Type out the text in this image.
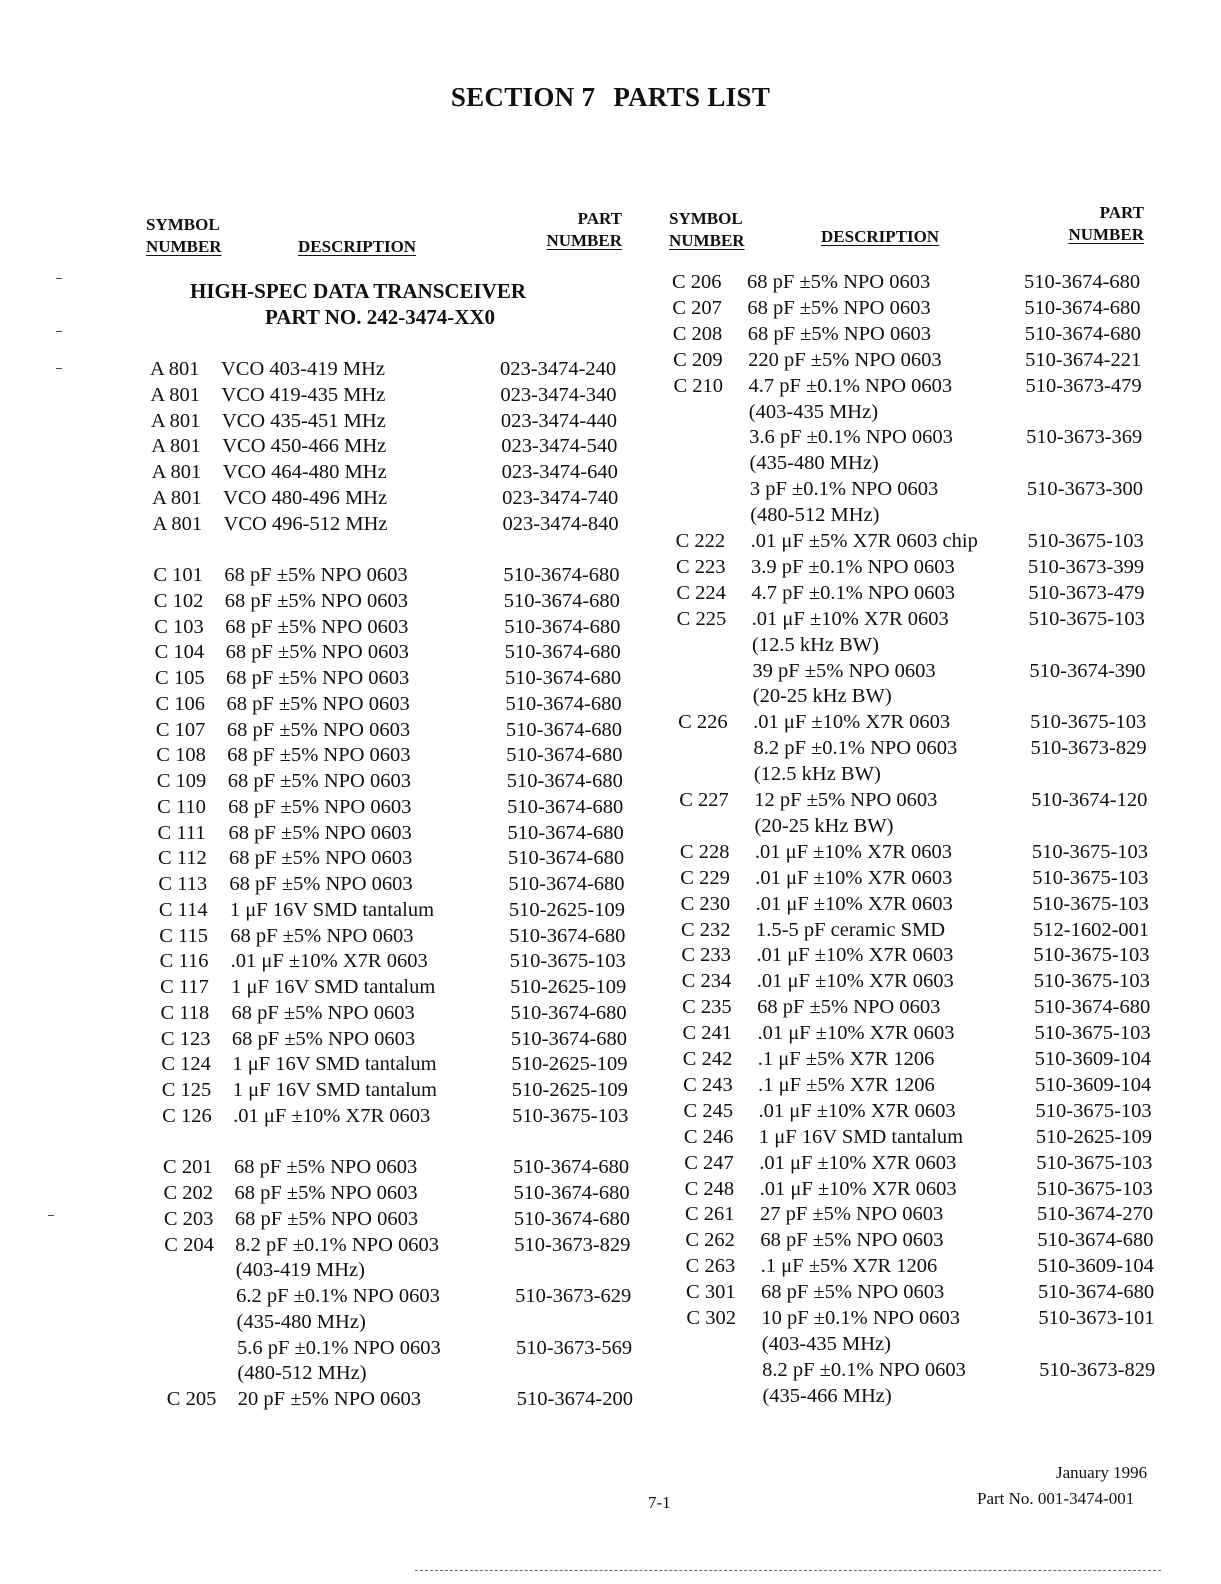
SECTION 7 PARTS LIST
SYMBOL
NUMBER	DESCRIPTION
PART
NUMBER
SYMBOL
NUMBER	DESCRIPTION
PART
NUMBER
HIGH-SPEC DATA TRANSCEIVER
PART NO. 242-3474-XX0
A 801 VCO 403-419 MHz	023-3474-240
A 801 VCO 419-435 MHz	023-3474-340
A 801 VCO 435-451 MHz	023-3474-440
A 801 VCO 450-466 MHz	023-3474-540
A 801 VCO 464-480 MHz	023-3474-640
A 801 VCO 480-496 MHz	023-3474-740
A 801 VCO 496-512 MHz	023-3474-840
C 101 68 pF ±5% NPO 0603	510-3674-680
C 102 68 pF ±5% NPO 0603	510-3674-680
C 103 68 pF ±5% NPO 0603	510-3674-680
C 104 68 pF ±5% NPO 0603	510-3674-680
C 105 68 pF ±5% NPO 0603	510-3674-680
C 106 68 pF ±5% NPO 0603	510-3674-680
C 107 68 pF ±5% NPO 0603	510-3674-680
C 108 68 pF ±5% NPO 0603	510-3674-680
C 109 68 pF ±5% NPO 0603	510-3674-680
C 110 68 pF ±5% NPO 0603	510-3674-680
C 111 68 pF ±5% NPO 0603	510-3674-680
C 112 68 pF ±5% NPO 0603	510-3674-680
C 113 68 pF ±5% NPO 0603	510-3674-680
C 114 1 μF 16V SMD tantalum	510-2625-109
C 115 68 pF ±5% NPO 0603	510-3674-680
C 116 .01 μF ±10% X7R 0603	510-3675-103
C 117 1 μF 16V SMD tantalum	510-2625-109
C 118 68 pF ±5% NPO 0603	510-3674-680
C 123 68 pF ±5% NPO 0603	510-3674-680
C 124 1 μF 16V SMD tantalum	510-2625-109
C 125 1 μF 16V SMD tantalum	510-2625-109
C 126 .01 μF ±10% X7R 0603	510-3675-103
C 201 68 pF ±5% NPO 0603	510-3674-680
C 202 68 pF ±5% NPO 0603	510-3674-680
C 203 68 pF ±5% NPO 0603	510-3674-680
C 204 8.2 pF ±0.1% NPO 0603	510-3673-829
(403-419 MHz)
6.2 pF ±0.1% NPO 0603	510-3673-629
(435-480 MHz)
5.6 pF ±0.1% NPO 0603	510-3673-569
(480-512 MHz)
C 205 20 pF ±5% NPO 0603	510-3674-200
C 206 68 pF ±5% NPO 0603	510-3674-680
C 207 68 pF ±5% NPO 0603	510-3674-680
C 208 68 pF ±5% NPO 0603	510-3674-680
C 209 220 pF ±5% NPO 0603	510-3674-221
C 210 4.7 pF ±0.1% NPO 0603	510-3673-479
(403-435 MHz)
3.6 pF ±0.1% NPO 0603	510-3673-369
(435-480 MHz)
3 pF ±0.1% NPO 0603	510-3673-300
(480-512 MHz)
C 222 .01 μF ±5% X7R 0603 chip 510-3675-103
C 223 3.9 pF ±0.1% NPO 0603	510-3673-399
C 224 4.7 pF ±0.1% NPO 0603	510-3673-479
C 225 .01 μF ±10% X7R 0603	510-3675-103
(12.5 kHz BW)
39 pF ±5% NPO 0603	510-3674-390
(20-25 kHz BW)
C 226 .01 μF ±10% X7R 0603	510-3675-103
8.2 pF ±0.1% NPO 0603	510-3673-829
(12.5 kHz BW)
C 227 12 pF ±5% NPO 0603	510-3674-120
(20-25 kHz BW)
C 228 .01 μF ±10% X7R 0603	510-3675-103
C 229 .01 μF ±10% X7R 0603	510-3675-103
C 230 .01 μF ±10% X7R 0603	510-3675-103
C 232 1.5-5 pF ceramic SMD	512-1602-001
C 233 .01 μF ±10% X7R 0603	510-3675-103
C 234 .01 μF ±10% X7R 0603	510-3675-103
C 235 68 pF ±5% NPO 0603	510-3674-680
C 241 .01 μF ±10% X7R 0603	510-3675-103
C 242 .1 μF ±5% X7R 1206	510-3609-104
C 243 .1 μF ±5% X7R 1206	510-3609-104
C 245 .01 μF ±10% X7R 0603	510-3675-103
C 246 1 μF 16V SMD tantalum	510-2625-109
C 247 .01 μF ±10% X7R 0603	510-3675-103
C 248 .01 μF ±10% X7R 0603	510-3675-103
C 261 27 pF ±5% NPO 0603	510-3674-270
C 262 68 pF ±5% NPO 0603	510-3674-680
C 263 .1 μF ±5% X7R 1206	510-3609-104
C 301 68 pF ±5% NPO 0603	510-3674-680
C 302 10 pF ±0.1% NPO 0603	510-3673-101
(403-435 MHz)
8.2 pF ±0.1% NPO 0603	510-3673-829
(435-466 MHz)
7-1
January 1996
Part No. 001-3474-001
